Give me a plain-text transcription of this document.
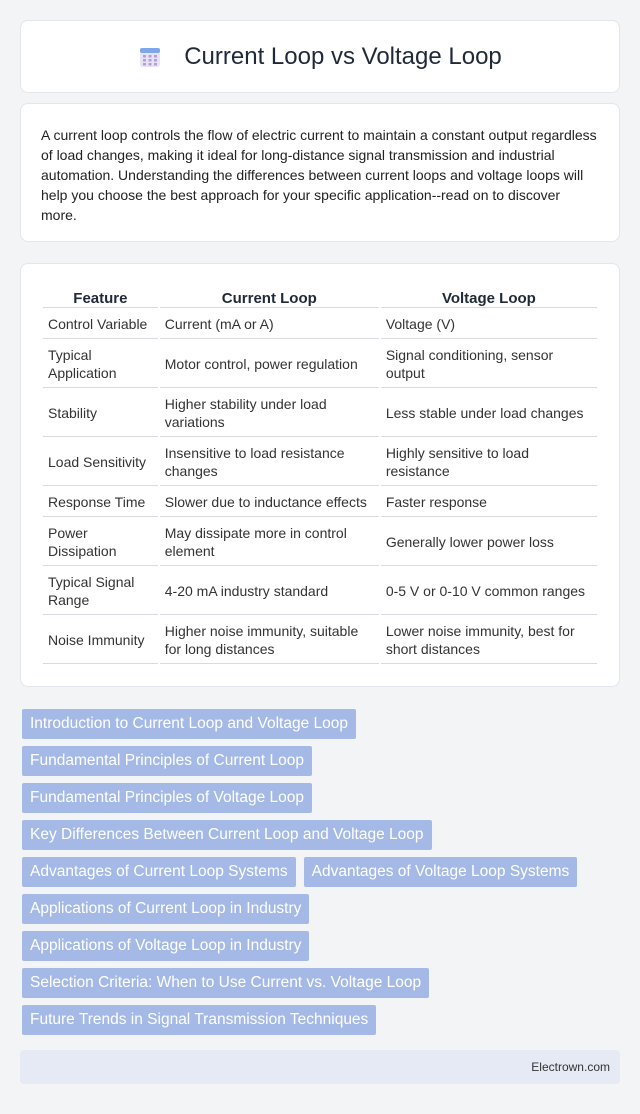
Current Loop vs Voltage Loop

A current loop controls the flow of electric current to maintain a constant output regardless of load changes, making it ideal for long-distance signal transmission and industrial automation. Understanding the differences between current loops and voltage loops will help you choose the best approach for your specific application--read on to discover more.

Feature	Current Loop	Voltage Loop
Control Variable	Current (mA or A)	Voltage (V)
Typical Application	Motor control, power regulation	Signal conditioning, sensor output
Stability	Higher stability under load variations	Less stable under load changes
Load Sensitivity	Insensitive to load resistance changes	Highly sensitive to load resistance
Response Time	Slower due to inductance effects	Faster response
Power Dissipation	May dissipate more in control element	Generally lower power loss
Typical Signal Range	4-20 mA industry standard	0-5 V or 0-10 V common ranges
Noise Immunity	Higher noise immunity, suitable for long distances	Lower noise immunity, best for short distances
Introduction to Current Loop and Voltage Loop
Fundamental Principles of Current Loop
Fundamental Principles of Voltage Loop
Key Differences Between Current Loop and Voltage Loop
Advantages of Current Loop Systems	Advantages of Voltage Loop Systems
Applications of Current Loop in Industry
Applications of Voltage Loop in Industry
Selection Criteria: When to Use Current vs. Voltage Loop
Future Trends in Signal Transmission Techniques
Electrown.com
